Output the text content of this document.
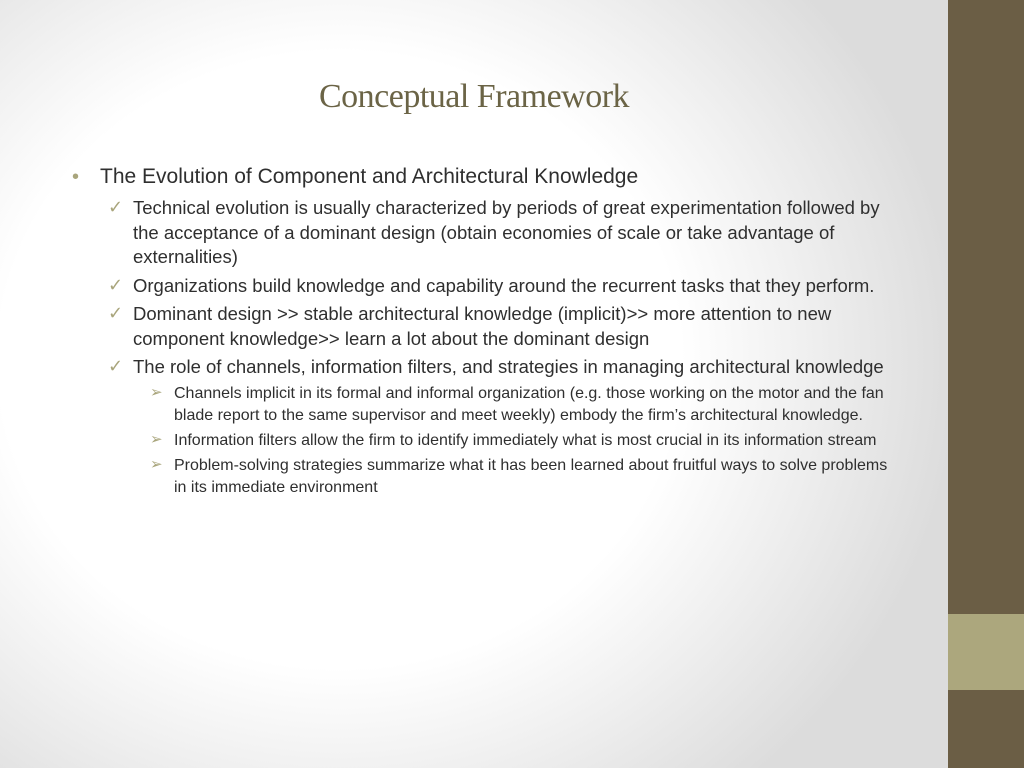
Conceptual Framework
• The Evolution of Component and Architectural Knowledge
✓ Technical evolution is usually characterized by periods of great experimentation followed by the acceptance of a dominant design (obtain economies of scale or take advantage of externalities)
✓ Organizations build knowledge and capability around the recurrent tasks that they perform.
✓ Dominant design >> stable architectural knowledge (implicit)>> more attention to new component knowledge>> learn a lot about the dominant design
✓ The role of channels, information filters, and strategies in managing architectural knowledge
➢ Channels implicit in its formal and informal organization (e.g. those working on the motor and the fan blade report to the same supervisor and meet weekly) embody the firm’s architectural knowledge.
➢ Information filters allow the firm to identify immediately what is most crucial in its information stream
➢ Problem-solving strategies summarize what it has been learned about fruitful ways to solve problems in its immediate environment
